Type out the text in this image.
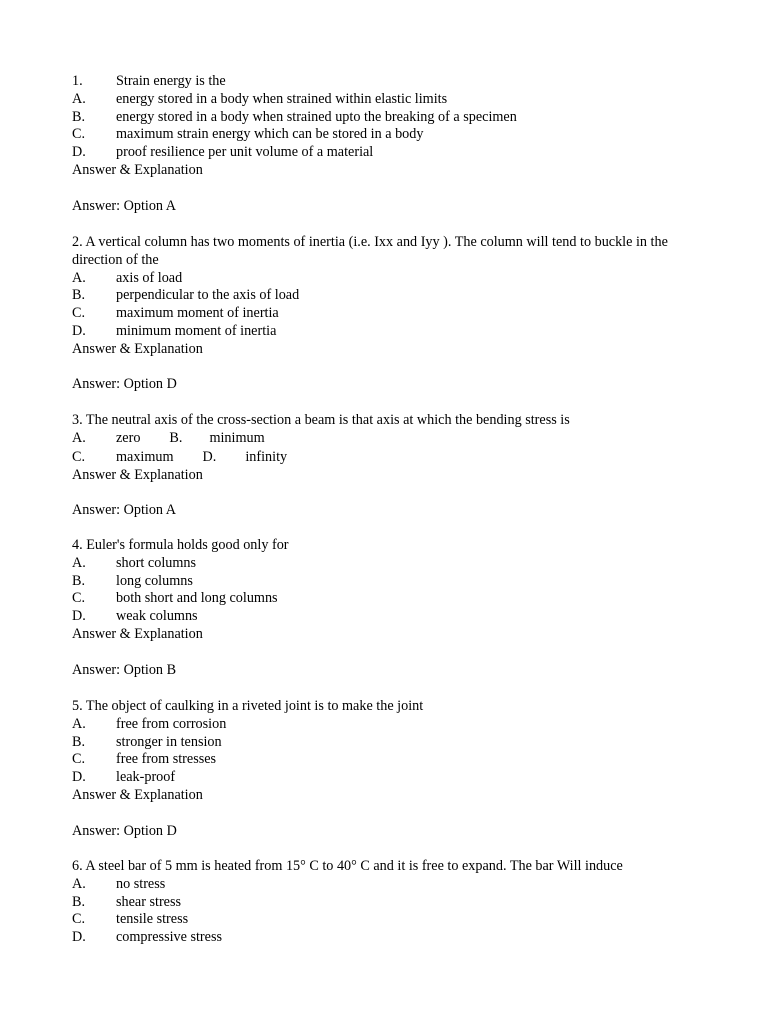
1. Strain energy is the
A. energy stored in a body when strained within elastic limits
B. energy stored in a body when strained upto the breaking of a specimen
C. maximum strain energy which can be stored in a body
D. proof resilience per unit volume of a material
Answer & Explanation
Answer: Option A
2. A vertical column has two moments of inertia (i.e. Ixx and Iyy ). The column will tend to buckle in the direction of the
A. axis of load
B. perpendicular to the axis of load
C. maximum moment of inertia
D. minimum moment of inertia
Answer & Explanation
Answer: Option D
3. The neutral axis of the cross-section a beam is that axis at which the bending stress is
A. zero B. minimum
C. maximum D. infinity
Answer & Explanation
Answer: Option A
4. Euler's formula holds good only for
A. short columns
B. long columns
C. both short and long columns
D. weak columns
Answer & Explanation
Answer: Option B
5. The object of caulking in a riveted joint is to make the joint
A. free from corrosion
B. stronger in tension
C. free from stresses
D. leak-proof
Answer & Explanation
Answer: Option D
6. A steel bar of 5 mm is heated from 15° C to 40° C and it is free to expand. The bar Will induce
A. no stress
B. shear stress
C. tensile stress
D. compressive stress
